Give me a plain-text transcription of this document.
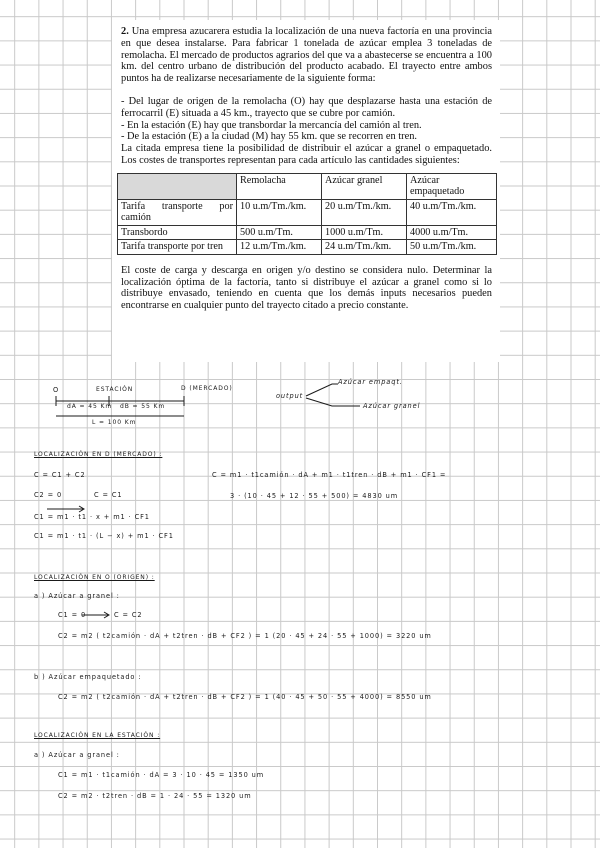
2. Una empresa azucarera estudia la localización de una nueva factoría en una provincia en que desea instalarse. Para fabricar 1 tonelada de azúcar emplea 3 toneladas de remolacha. El mercado de productos agrarios del que va a abastecerse se encuentra a 100 km. del centro urbano de distribución del producto acabado. El trayecto entre ambos puntos ha de realizarse necesariamente de la siguiente forma:

- Del lugar de origen de la remolacha (O) hay que desplazarse hasta una estación de ferrocarril (E) situada a 45 km., trayecto que se cubre por camión.

- En la estación (E) hay que transbordar la mercancía del camión al tren.

- De la estación (E) a la ciudad (M) hay 55 km. que se recorren en tren.

La citada empresa tiene la posibilidad de distribuir el azúcar a granel o empaquetado. Los costes de transportes representan para cada artículo las cantidades siguientes:

	Remolacha	Azúcar granel	Azúcar empaquetado
Tarifa transporte por camión	10 u.m/Tm./km.	20 u.m/Tm./km.	40 u.m/Tm./km.
Transbordo	500 u.m/Tm.	1000 u.m/Tm.	4000 u.m/Tm.
Tarifa transporte por tren	12 u.m/Tm./km.	24 u.m/Tm./km.	50 u.m/Tm./km.

El coste de carga y descarga en origen y/o destino se considera nulo. Determinar la localización óptima de la factoría, tanto si distribuye el azúcar a granel como si lo distribuye envasado, teniendo en cuenta que los demás inputs necesarios pueden encontrarse en cualquier punto del trayecto citado a precio constante.

O	ESTACIÓN	D (MERCADO)
dA = 45 Km dB = 55 Km
L = 100 Km
output
Azúcar empaqt.
Azúcar granel
LOCALIZACIÓN EN D (MERCADO) :
C = C1 + C2
C2 = 0	C = C1
C1 = m1 · t1 · x + m1 · CF1
C1 = m1 · t1 · (L − x) + m1 · CF1
C = m1 · t1camión · dA + m1 · t1tren · dB + m1 · CF1 =
3 · (10 · 45 + 12 · 55 + 500) = 4830 um
LOCALIZACIÓN EN O (ORIGEN) :
a ) Azúcar a granel :
C1 = 0	C = C2
C2 = m2 ( t2camión · dA + t2tren · dB + CF2 ) = 1 (20 · 45 + 24 · 55 + 1000) = 3220 um
b ) Azúcar empaquetado :
C2 = m2 ( t2camión · dA + t2tren · dB + CF2 ) = 1 (40 · 45 + 50 · 55 + 4000) = 8550 um
LOCALIZACIÓN EN LA ESTACIÓN :
a ) Azúcar a granel :
C1 = m1 · t1camión · dA = 3 · 10 · 45 = 1350 um
C2 = m2 · t2tren · dB = 1 · 24 · 55 = 1320 um
